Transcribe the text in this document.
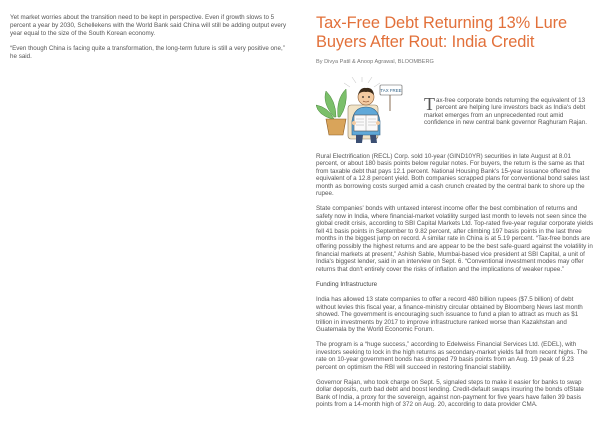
Yet market worries about the transition need to be kept in perspective. Even if growth slows to 5 percent a year by 2030, Schellekens with the World Bank said China will still be adding output every year equal to the size of the South Korean economy.

“Even though China is facing quite a transformation, the long-term future is still a very positive one,” he said.

Tax-Free Debt Returning 13% Lure Buyers After Rout: India Credit
By Divya Patil & Anoop Agrawal, BLOOMBERG
TAX FREE
Tax-free corporate bonds returning the equivalent of 13 percent are helping lure investors back as India's debt market emerges from an unprecedented rout amid confidence in new central bank governor Raghuram Rajan.

Rural Electrification (RECL) Corp. sold 10-year (GIND10YR) securities in late August at 8.01 percent, or about 180 basis points below regular notes. For buyers, the return is the same as that from taxable debt that pays 12.1 percent. National Housing Bank's 15-year issuance offered the equivalent of a 12.8 percent yield. Both companies scrapped plans for conventional bond sales last month as borrowing costs surged amid a cash crunch created by the central bank to shore up the rupee.

State companies' bonds with untaxed interest income offer the best combination of returns and safety now in India, where financial-market volatility surged last month to levels not seen since the global credit crisis, according to SBI Capital Markets Ltd. Top-rated five-year regular corporate yields fell 41 basis points in September to 9.82 percent, after climbing 197 basis points in the last three months in the biggest jump on record. A similar rate in China is at 5.19 percent. “Tax-free bonds are offering possibly the highest returns and are appear to be the best safe-guard against the volatility in financial markets at present,” Ashish Sable, Mumbai-based vice president at SBI Capital, a unit of India's biggest lender, said in an interview on Sept. 6. “Conventional investment modes may offer returns that don't entirely cover the risks of inflation and the implications of weaker rupee.”

Funding Infrastructure

India has allowed 13 state companies to offer a record 480 billion rupees ($7.5 billion) of debt without levies this fiscal year, a finance-ministry circular obtained by Bloomberg News last month showed. The government is encouraging such issuance to fund a plan to attract as much as $1 trillion in investments by 2017 to improve infrastructure ranked worse than Kazakhstan and Guatemala by the World Economic Forum.

The program is a “huge success,” according to Edelweiss Financial Services Ltd. (EDEL), with investors seeking to lock in the high returns as secondary-market yields fall from recent highs. The rate on 10-year government bonds has dropped 79 basis points from an Aug. 19 peak of 9.23 percent on optimism the RBI will succeed in restoring financial stability.

Governor Rajan, who took charge on Sept. 5, signaled steps to make it easier for banks to swap dollar deposits, curb bad debt and boost lending. Credit-default swaps insuring the bonds ofState Bank of India, a proxy for the sovereign, against non-payment for five years have fallen 39 basis points from a 14-month high of 372 on Aug. 20, according to data provider CMA.
